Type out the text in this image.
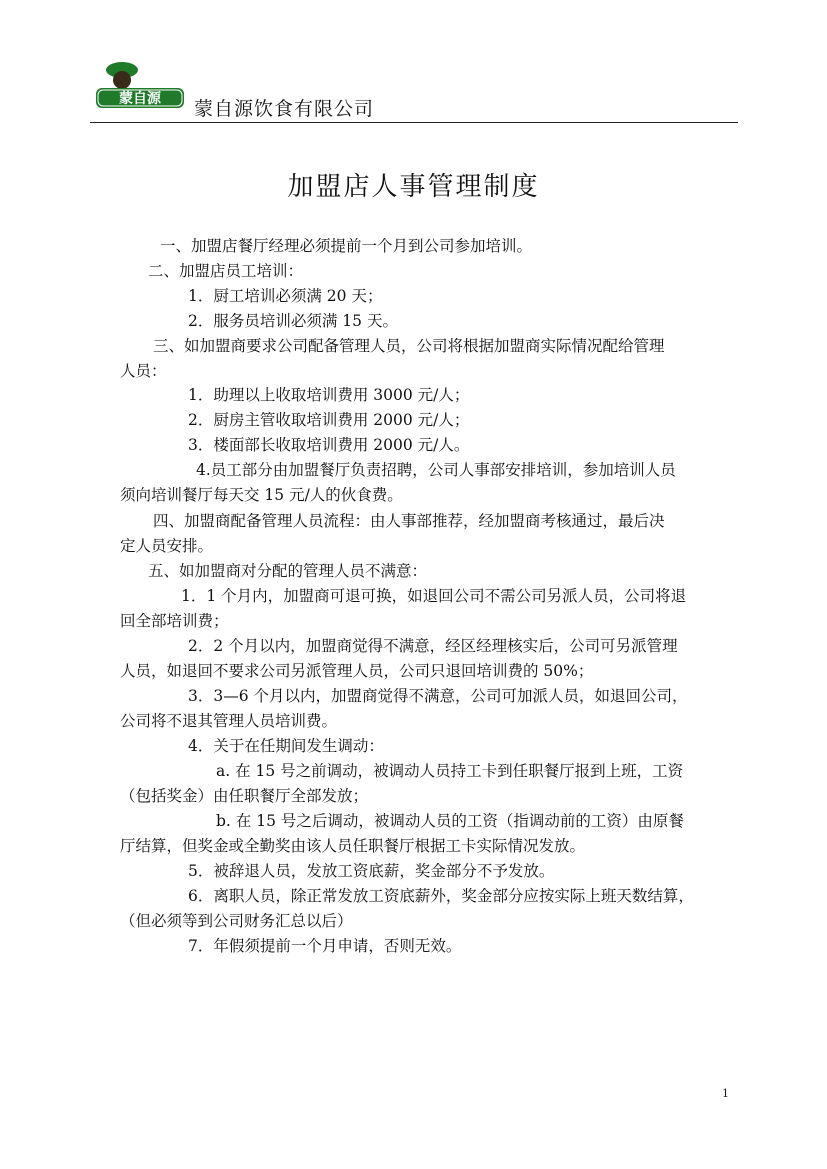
蒙自源 蒙自源饮食有限公司
加盟店人事管理制度
一、加盟店餐厅经理必须提前一个月到公司参加培训。
二、加盟店员工培训：
1．厨工培训必须满 20 天；
2．服务员培训必须满 15 天。
三、如加盟商要求公司配备管理人员，公司将根据加盟商实际情况配给管理
人员：
1．助理以上收取培训费用 3000 元/人；
2．厨房主管收取培训费用 2000 元/人；
3．楼面部长收取培训费用 2000 元/人。
4.员工部分由加盟餐厅负责招聘，公司人事部安排培训，参加培训人员
须向培训餐厅每天交 15 元/人的伙食费。
四、加盟商配备管理人员流程：由人事部推荐，经加盟商考核通过，最后决
定人员安排。
五、如加盟商对分配的管理人员不满意：
1．1 个月内，加盟商可退可换，如退回公司不需公司另派人员，公司将退
回全部培训费；
2．2 个月以内，加盟商觉得不满意，经区经理核实后，公司可另派管理
人员，如退回不要求公司另派管理人员，公司只退回培训费的 50%；
3．3—6 个月以内，加盟商觉得不满意，公司可加派人员，如退回公司，
公司将不退其管理人员培训费。
4．关于在任期间发生调动：
a. 在 15 号之前调动，被调动人员持工卡到任职餐厅报到上班，工资
（包括奖金）由任职餐厅全部发放；
b. 在 15 号之后调动，被调动人员的工资（指调动前的工资）由原餐
厅结算，但奖金或全勤奖由该人员任职餐厅根据工卡实际情况发放。
5．被辞退人员，发放工资底薪，奖金部分不予发放。
6．离职人员，除正常发放工资底薪外，奖金部分应按实际上班天数结算，
（但必须等到公司财务汇总以后）
7．年假须提前一个月申请，否则无效。
1
